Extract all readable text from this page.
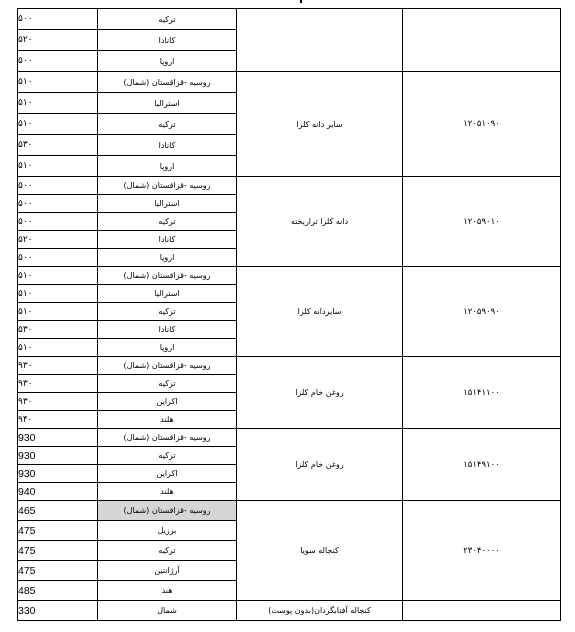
۵۰۰	ترکیه		
۵۲۰	کانادا		
۵۰۰	اروپا		
۵۱۰	روسیه -قزاقستان (شمال)	سایر دانه کلزا	۱۲۰۵۱۰۹۰
۵۱۰	استرالیا		
۵۱۰	ترکیه		
۵۳۰	کانادا		
۵۱۰	اروپا		
۵۰۰	روسیه -قزاقستان (شمال)	دانه کلزا تراریخته	۱۲۰۵۹۰۱۰
۵۰۰	استرالیا		
۵۰۰	ترکیه		
۵۲۰	کانادا		
۵۰۰	اروپا		
۵۱۰	روسیه -قزاقستان (شمال)	سایردانه کلزا	۱۲۰۵۹۰۹۰
۵۱۰	استرالیا		
۵۱۰	ترکیه		
۵۳۰	کانادا		
۵۱۰	اروپا		
۹۳۰	روسیه -قزاقستان (شمال)	روغن خام کلزا	۱۵۱۴۱۱۰۰
۹۳۰	ترکیه		
۹۳۰	اکراین		
۹۴۰	هلند		
930	روسیه -قزاقستان (شمال)	روغن خام کلزا	۱۵۱۴۹۱۰۰
930	ترکیه		
930	اکراین		
940	هلند		
465	روسیه -قزاقستان (شمال)	کنجاله سویا	۲۳۰۴۰۰۰۰
475	برزیل		
475	ترکیه		
475	آرژانتین		
485	هند		
330	شمال	کنجاله آفتابگردان(بدون پوست)	
